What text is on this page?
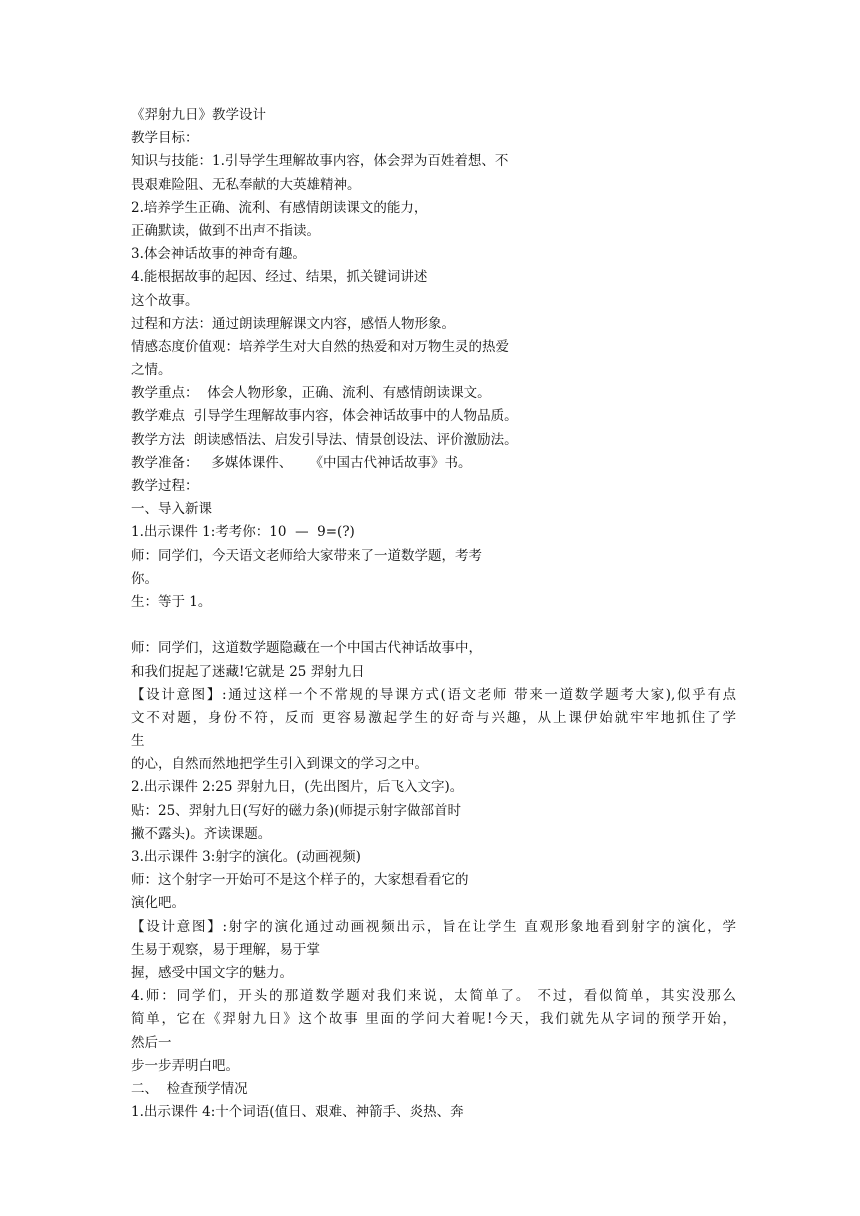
《羿射九日》教学设计
教学目标：
知识与技能：1.引导学生理解故事内容，体会羿为百姓着想、不
畏艰难险阻、无私奉献的大英雄精神。
2.培养学生正确、流利、有感情朗读课文的能力，
正确默读，做到不出声不指读。
3.体会神话故事的神奇有趣。
4.能根据故事的起因、经过、结果，抓关键词讲述
这个故事。
过程和方法：通过朗读理解课文内容，感悟人物形象。
情感态度价值观：培养学生对大自然的热爱和对万物生灵的热爱
之情。
教学重点：  体会人物形象，正确、流利、有感情朗读课文。
教学难点  引导学生理解故事内容，体会神话故事中的人物品质。
教学方法  朗读感悟法、启发引导法、情景创设法、评价激励法。
教学准备：   多媒体课件、    《中国古代神话故事》书。
教学过程：
一、导入新课
1.出示课件 1:考考你：10  —  9=(?)
师：同学们，今天语文老师给大家带来了一道数学题，考考
你。
生：等于 1。
师：同学们，这道数学题隐藏在一个中国古代神话故事中，
和我们捉起了迷藏!它就是 25 羿射九日
【设计意图】:通过这样一个不常规的导课方式(语文老师 带来一道数学题考大家),似乎有点
文不对题，身份不符，反而 更容易激起学生的好奇与兴趣，从上课伊始就牢牢地抓住了学
生
的心，自然而然地把学生引入到课文的学习之中。
2.出示课件 2:25 羿射九日，(先出图片，后飞入文字)。
贴：25、羿射九日(写好的磁力条)(师提示射字做部首时
撇不露头)。齐读课题。
3.出示课件 3:射字的演化。(动画视频)
师：这个射字一开始可不是这个样子的，大家想看看它的
演化吧。
【设计意图】:射字的演化通过动画视频出示，旨在让学生 直观形象地看到射字的演化，学
生易于观察，易于理解，易于掌
握，感受中国文字的魅力。
4.师：同学们，开头的那道数学题对我们来说，太简单了。 不过，看似简单，其实没那么
简单，它在《羿射九日》这个故事 里面的学问大着呢!今天，我们就先从字词的预学开始，
然后一
步一步弄明白吧。
二、  检查预学情况
1.出示课件 4:十个词语(值日、艰难、神箭手、炎热、奔
